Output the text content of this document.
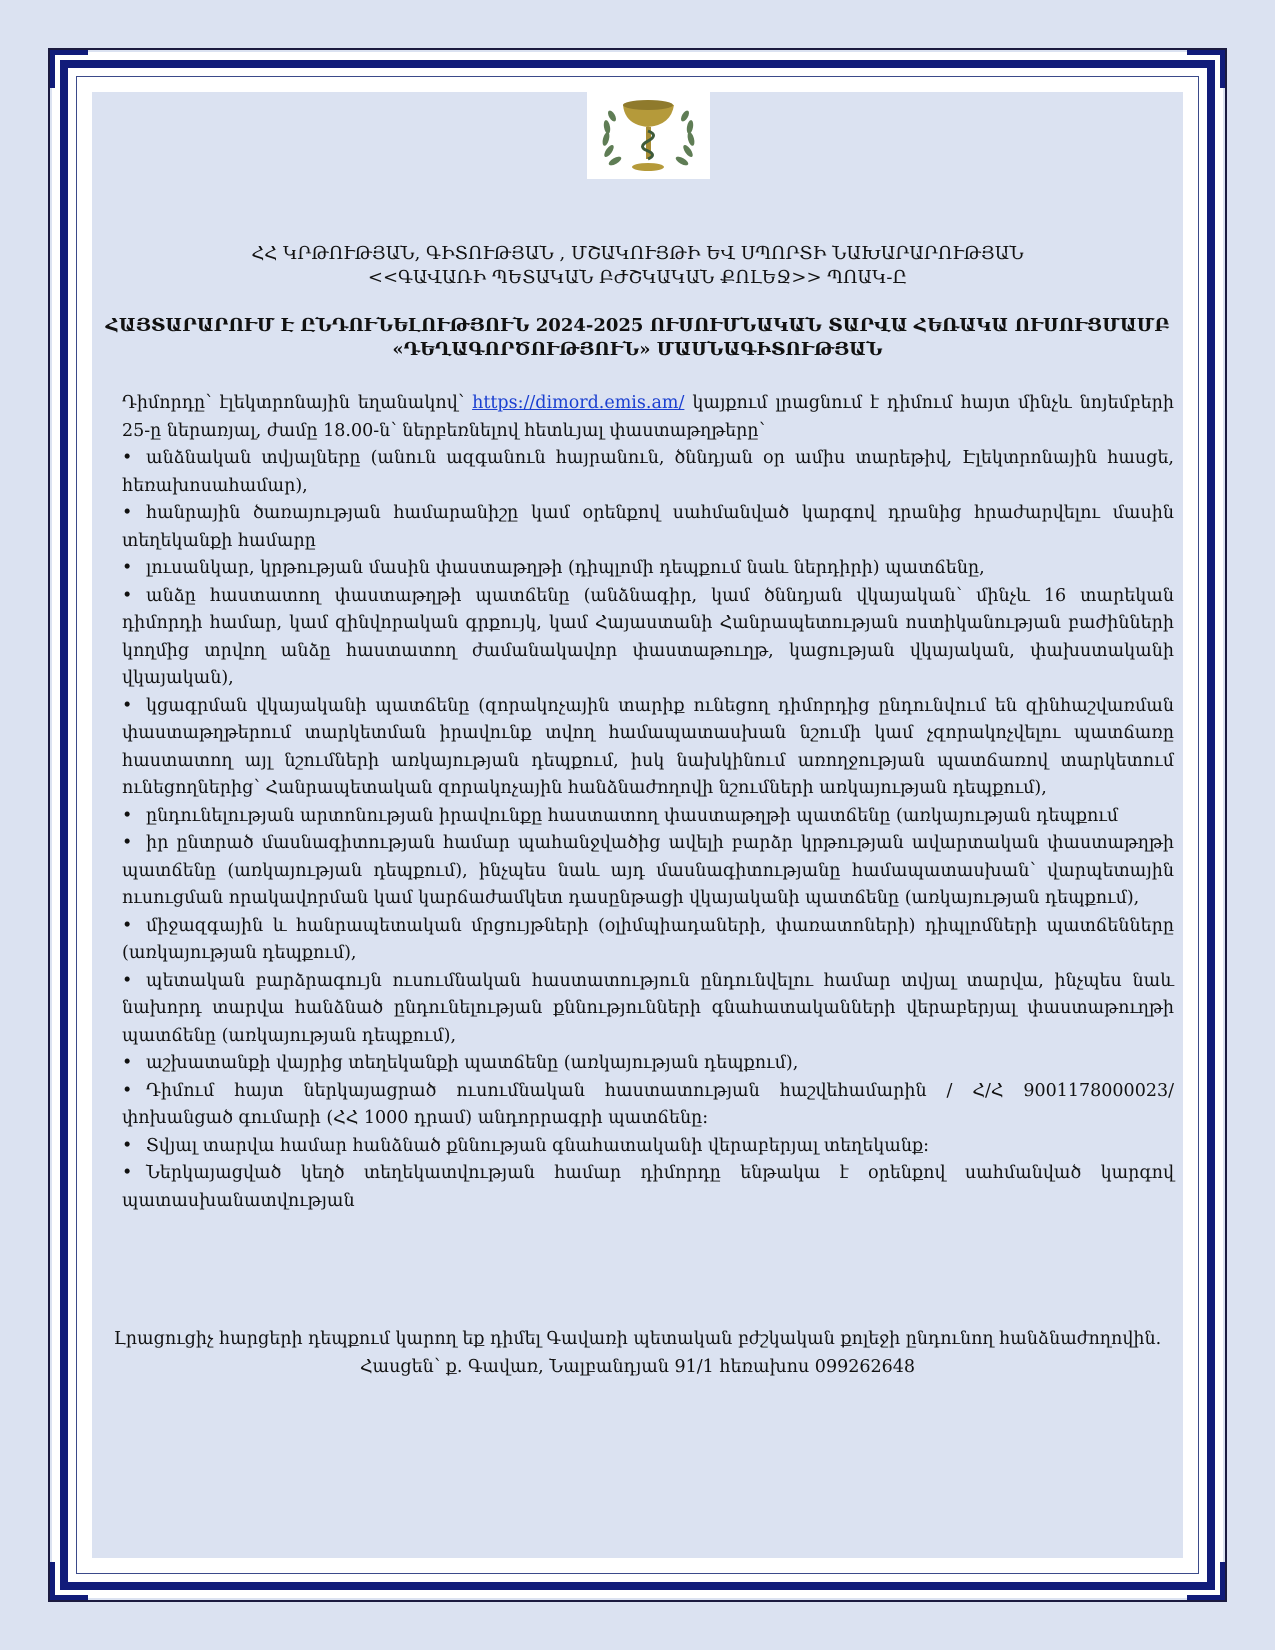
ՀՀ ԿՐԹՈՒԹՅԱՆ, ԳԻՏՈՒԹՅԱՆ , ՄՇԱԿՈՒՅԹԻ ԵՎ ՍՊՈՐՏԻ ՆԱԽԱՐԱՐՈՒԹՅԱՆ
<<ԳԱՎԱՌԻ ՊԵՏԱԿԱՆ ԲԺՇԿԱԿԱՆ ՔՈԼԵՋ>> ՊՈԱԿ-Ը
ՀԱՅՏԱՐԱՐՈՒՄ Է ԸՆԴՈՒՆԵԼՈՒԹՅՈՒՆ 2024-2025 ՈՒՍՈՒՄՆԱԿԱՆ ՏԱՐՎԱ ՀԵՌԱԿԱ ՈՒՍՈՒՑՄԱՄԲ
«ԴԵՂԱԳՈՐԾՈՒԹՅՈՒՆ» ՄԱՍՆԱԳԻՏՈՒԹՅԱՆ

Դիմորդը՝ էլեկտրոնային եղանակով՝ https://dimord.emis.am/ կայքում լրացնում է դիմում հայտ մինչև նոյեմբերի 25-ը ներառյալ, ժամը 18.00-ն՝ ներբեռնելով հետևյալ փաստաթղթերը՝

• անձնական տվյալները (անուն ազգանուն հայրանուն, ծննդյան օր ամիս տարեթիվ, Էլեկտրոնային հասցե, հեռախոսահամար),
• հանրային ծառայության համարանիշը կամ օրենքով սահմանված կարգով դրանից հրաժարվելու մասին տեղեկանքի համարը
• լուսանկար, կրթության մասին փաստաթղթի (դիպլոմի դեպքում նաև ներդիրի) պատճենը,
• անձը հաստատող փաստաթղթի պատճենը (անձնագիր, կամ ծննդյան վկայական՝ մինչև 16 տարեկան դիմորդի համար, կամ զինվորական գրքույկ, կամ Հայաստանի Հանրապետության ոստիկանության բաժինների կողմից տրվող անձը հաստատող ժամանակավոր փաստաթուղթ, կացության վկայական, փախստականի վկայական),
• կցագրման վկայականի պատճենը (զորակոչային տարիք ունեցող դիմորդից ընդունվում են զինհաշվառման փաստաթղթերում տարկետման իրավունք տվող համապատասխան նշումի կամ չզորակոչվելու պատճառը հաստատող այլ նշումների առկայության դեպքում, իսկ նախկինում առողջության պատճառով տարկետում ունեցողներից՝ Հանրապետական զորակոչային հանձնաժողովի նշումների առկայության դեպքում),
• ընդունելության արտոնության իրավունքը հաստատող փաստաթղթի պատճենը (առկայության դեպքում
• իր ընտրած մասնագիտության համար պահանջվածից ավելի բարձր կրթության ավարտական փաստաթղթի պատճենը (առկայության դեպքում), ինչպես նաև այդ մասնագիտությանը համապատասխան՝ վարպետային ուսուցման որակավորման կամ կարճաժամկետ դասընթացի վկայականի պատճենը (առկայության դեպքում),
• միջազգային և հանրապետական մրցույթների (օլիմպիադաների, փառատոների) դիպլոմների պատճենները (առկայության դեպքում),
• պետական բարձրագույն ուսումնական հաստատություն ընդունվելու համար տվյալ տարվա, ինչպես նաև նախորդ տարվա հանձնած ընդունելության քննությունների գնահատականների վերաբերյալ փաստաթուղթի պատճենը (առկայության դեպքում),
• աշխատանքի վայրից տեղեկանքի պատճենը (առկայության դեպքում),
• Դիմում հայտ ներկայացրած ուսումնական հաստատության հաշվեհամարին / Հ/Հ 9001178000023/ փոխանցած գումարի (ՀՀ 1000 դրամ) անդորրագրի պատճենը:
• Տվյալ տարվա համար հանձնած քննության գնահատականի վերաբերյալ տեղեկանք:
• Ներկայացված կեղծ տեղեկատվության համար դիմորդը ենթակա է օրենքով սահմանված կարգով պատասխանատվության
Լրացուցիչ հարցերի դեպքում կարող եք դիմել Գավառի պետական բժշկական քոլեջի ընդունող հանձնաժողովին.
Հասցեն՝ ք. Գավառ, Նալբանդյան 91/1 հեռախոս 099262648
